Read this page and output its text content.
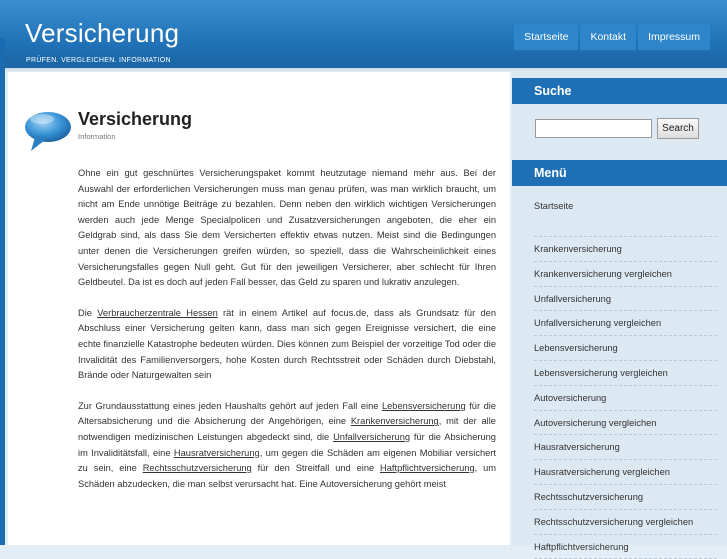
Versicherung
PRÜFEN. VERGLEICHEN. INFORMATION
Startseite	Kontakt	Impressum
Versicherung
Information

Ohne ein gut geschnürtes Versicherungspaket kommt heutzutage niemand mehr aus. Bei der Auswahl der erforderlichen Versicherungen muss man genau prüfen, was man wirklich braucht, um nicht am Ende unnötige Beiträge zu bezahlen. Denn neben den wirklich wichtigen Versicherungen werden auch jede Menge Specialpolicen und Zusatzversicherungen angeboten, die eher ein Geldgrab sind, als dass Sie dem Versicherten effektiv etwas nutzen. Meist sind die Bedingungen unter denen die Versicherungen greifen würden, so speziell, dass die Wahrscheinlichkeit eines Versicherungsfalles gegen Null geht. Gut für den jeweiligen Versicherer, aber schlecht für Ihren Geldbeutel. Da ist es doch auf jeden Fall besser, das Geld zu sparen und lukrativ anzulegen.

Die Verbraucherzentrale Hessen rät in einem Artikel auf focus.de, dass als Grundsatz für den Abschluss einer Versicherung gelten kann, dass man sich gegen Ereignisse versichert, die eine echte finanzielle Katastrophe bedeuten würden. Dies können zum Beispiel der vorzeitige Tod oder die Invalidität des Familienversorgers, hohe Kosten durch Rechtsstreit oder Schäden durch Diebstahl, Brände oder Naturgewalten sein

Zur Grundausstattung eines jeden Haushalts gehört auf jeden Fall eine Lebensversicherung für die Altersabsicherung und die Absicherung der Angehörigen, eine Krankenversicherung, mit der alle notwendigen medizinischen Leistungen abgedeckt sind, die Unfallversicherung für die Absicherung im Invaliditätsfall, eine Hausratversicherung, um gegen die Schäden am eigenen Mobiliar versichert zu sein, eine Rechtsschutzversicherung für den Streitfall und eine Haftpflichtversicherung, um Schäden abzudecken, die man selbst verursacht hat. Eine Autoversicherung gehört meist

Suche
Search
Menü
Startseite
Krankenversicherung
Krankenversicherung vergleichen
Unfallversicherung
Unfallversicherung vergleichen
Lebensversicherung
Lebensversicherung vergleichen
Autoversicherung
Autoversicherung vergleichen
Hausratversicherung
Hausratversicherung vergleichen
Rechtsschutzversicherung
Rechtsschutzversicherung vergleichen
Haftpflichtversicherung
